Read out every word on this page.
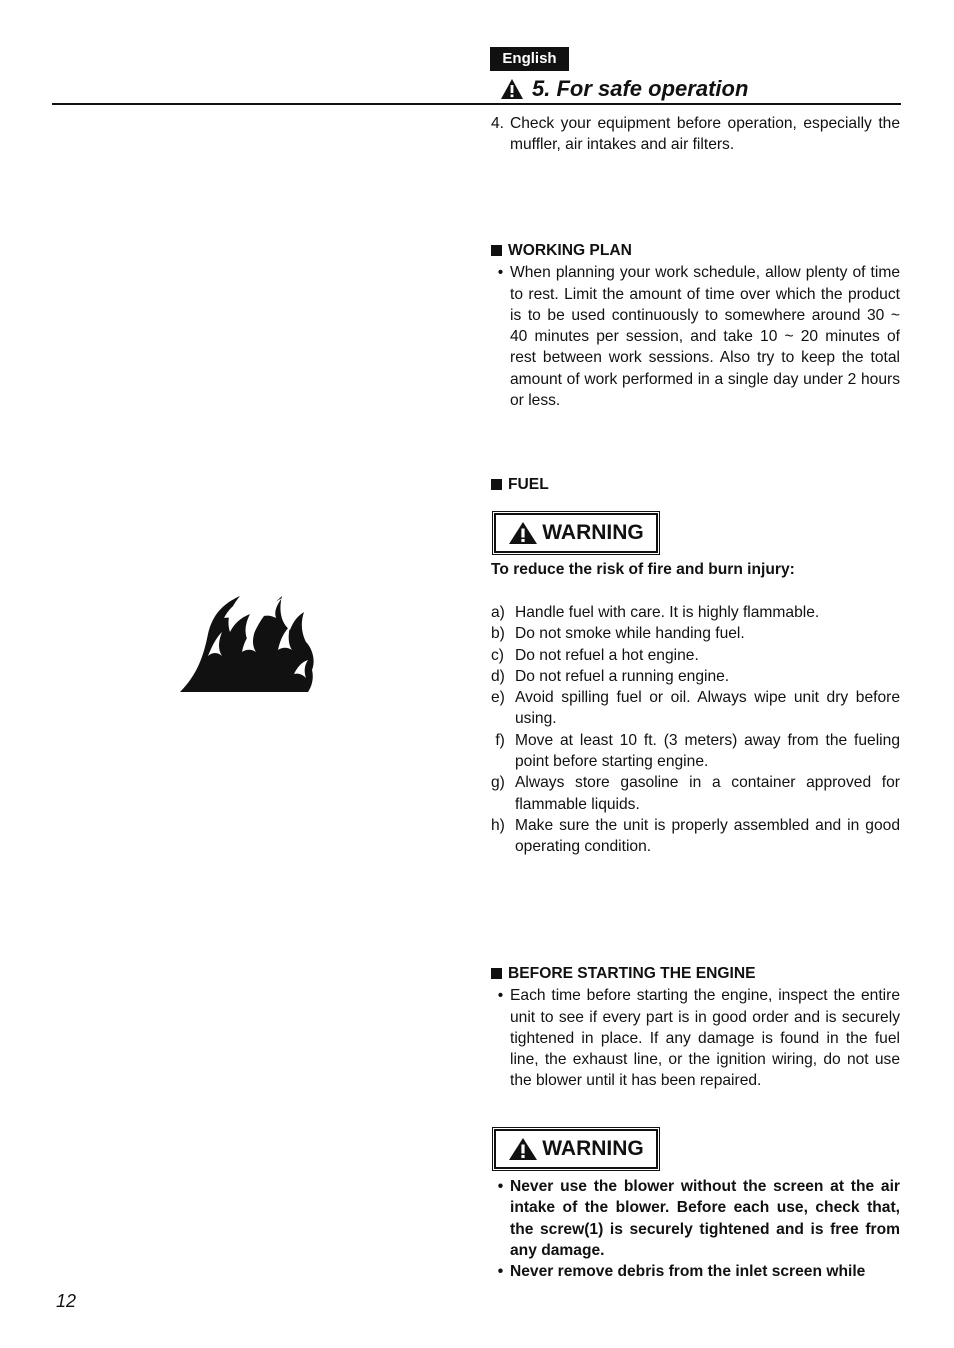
English
5. For safe operation
4. Check your equipment before operation, especially the muffler, air intakes and air filters.
WORKING PLAN
• When planning your work schedule, allow plenty of time to rest. Limit the amount of time over which the product is to be used continuously to somewhere around 30 ~ 40 minutes per session, and take 10 ~ 20 minutes of rest between work sessions. Also try to keep the total amount of work performed in a single day under 2 hours or less.
FUEL
WARNING
To reduce the risk of fire and burn injury:
a) Handle fuel with care. It is highly flammable.
b) Do not smoke while handing fuel.
c) Do not refuel a hot engine.
d) Do not refuel a running engine.
e) Avoid spilling fuel or oil. Always wipe unit dry before using.
f) Move at least 10 ft. (3 meters) away from the fueling point before starting engine.
g) Always store gasoline in a container approved for flammable liquids.
h) Make sure the unit is properly assembled and in good operating condition.
BEFORE STARTING THE ENGINE
• Each time before starting the engine, inspect the entire unit to see if every part is in good order and is securely tightened in place. If any damage is found in the fuel line, the exhaust line, or the ignition wiring, do not use the blower until it has been repaired.
WARNING
• Never use the blower without the screen at the air intake of the blower. Before each use, check that, the screw(1) is securely tightened and is free from any damage.
• Never remove debris from the inlet screen while
12
